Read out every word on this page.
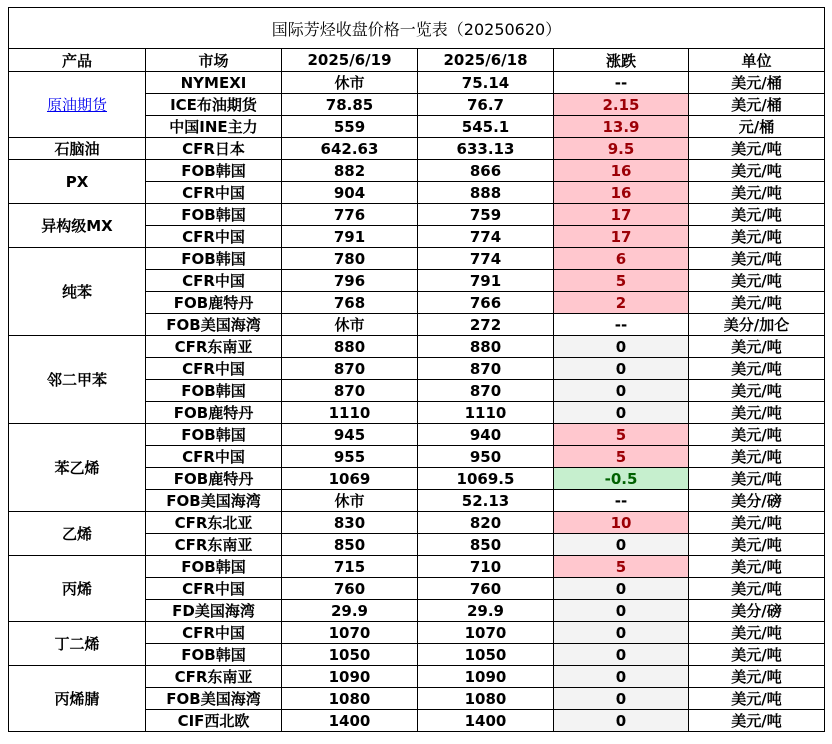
国际芳烃收盘价格一览表（20250620）					
产品	市场	2025/6/19	2025/6/18	涨跌	单位
原油期货	NYMEXI	休市	75.14	--	美元/桶
	ICE布油期货	78.85	76.7	2.15	美元/桶
	中国INE主力	559	545.1	13.9	元/桶
石脑油	CFR日本	642.63	633.13	9.5	美元/吨
PX	FOB韩国	882	866	16	美元/吨
	CFR中国	904	888	16	美元/吨
异构级MX	FOB韩国	776	759	17	美元/吨
	CFR中国	791	774	17	美元/吨
纯苯	FOB韩国	780	774	6	美元/吨
	CFR中国	796	791	5	美元/吨
	FOB鹿特丹	768	766	2	美元/吨
	FOB美国海湾	休市	272	--	美分/加仑
邻二甲苯	CFR东南亚	880	880	0	美元/吨
	CFR中国	870	870	0	美元/吨
	FOB韩国	870	870	0	美元/吨
	FOB鹿特丹	1110	1110	0	美元/吨
苯乙烯	FOB韩国	945	940	5	美元/吨
	CFR中国	955	950	5	美元/吨
	FOB鹿特丹	1069	1069.5	-0.5	美元/吨
	FOB美国海湾	休市	52.13	--	美分/磅
乙烯	CFR东北亚	830	820	10	美元/吨
	CFR东南亚	850	850	0	美元/吨
丙烯	FOB韩国	715	710	5	美元/吨
	CFR中国	760	760	0	美元/吨
	FD美国海湾	29.9	29.9	0	美分/磅
丁二烯	CFR中国	1070	1070	0	美元/吨
	FOB韩国	1050	1050	0	美元/吨
丙烯腈	CFR东南亚	1090	1090	0	美元/吨
	FOB美国海湾	1080	1080	0	美元/吨
	CIF西北欧	1400	1400	0	美元/吨
